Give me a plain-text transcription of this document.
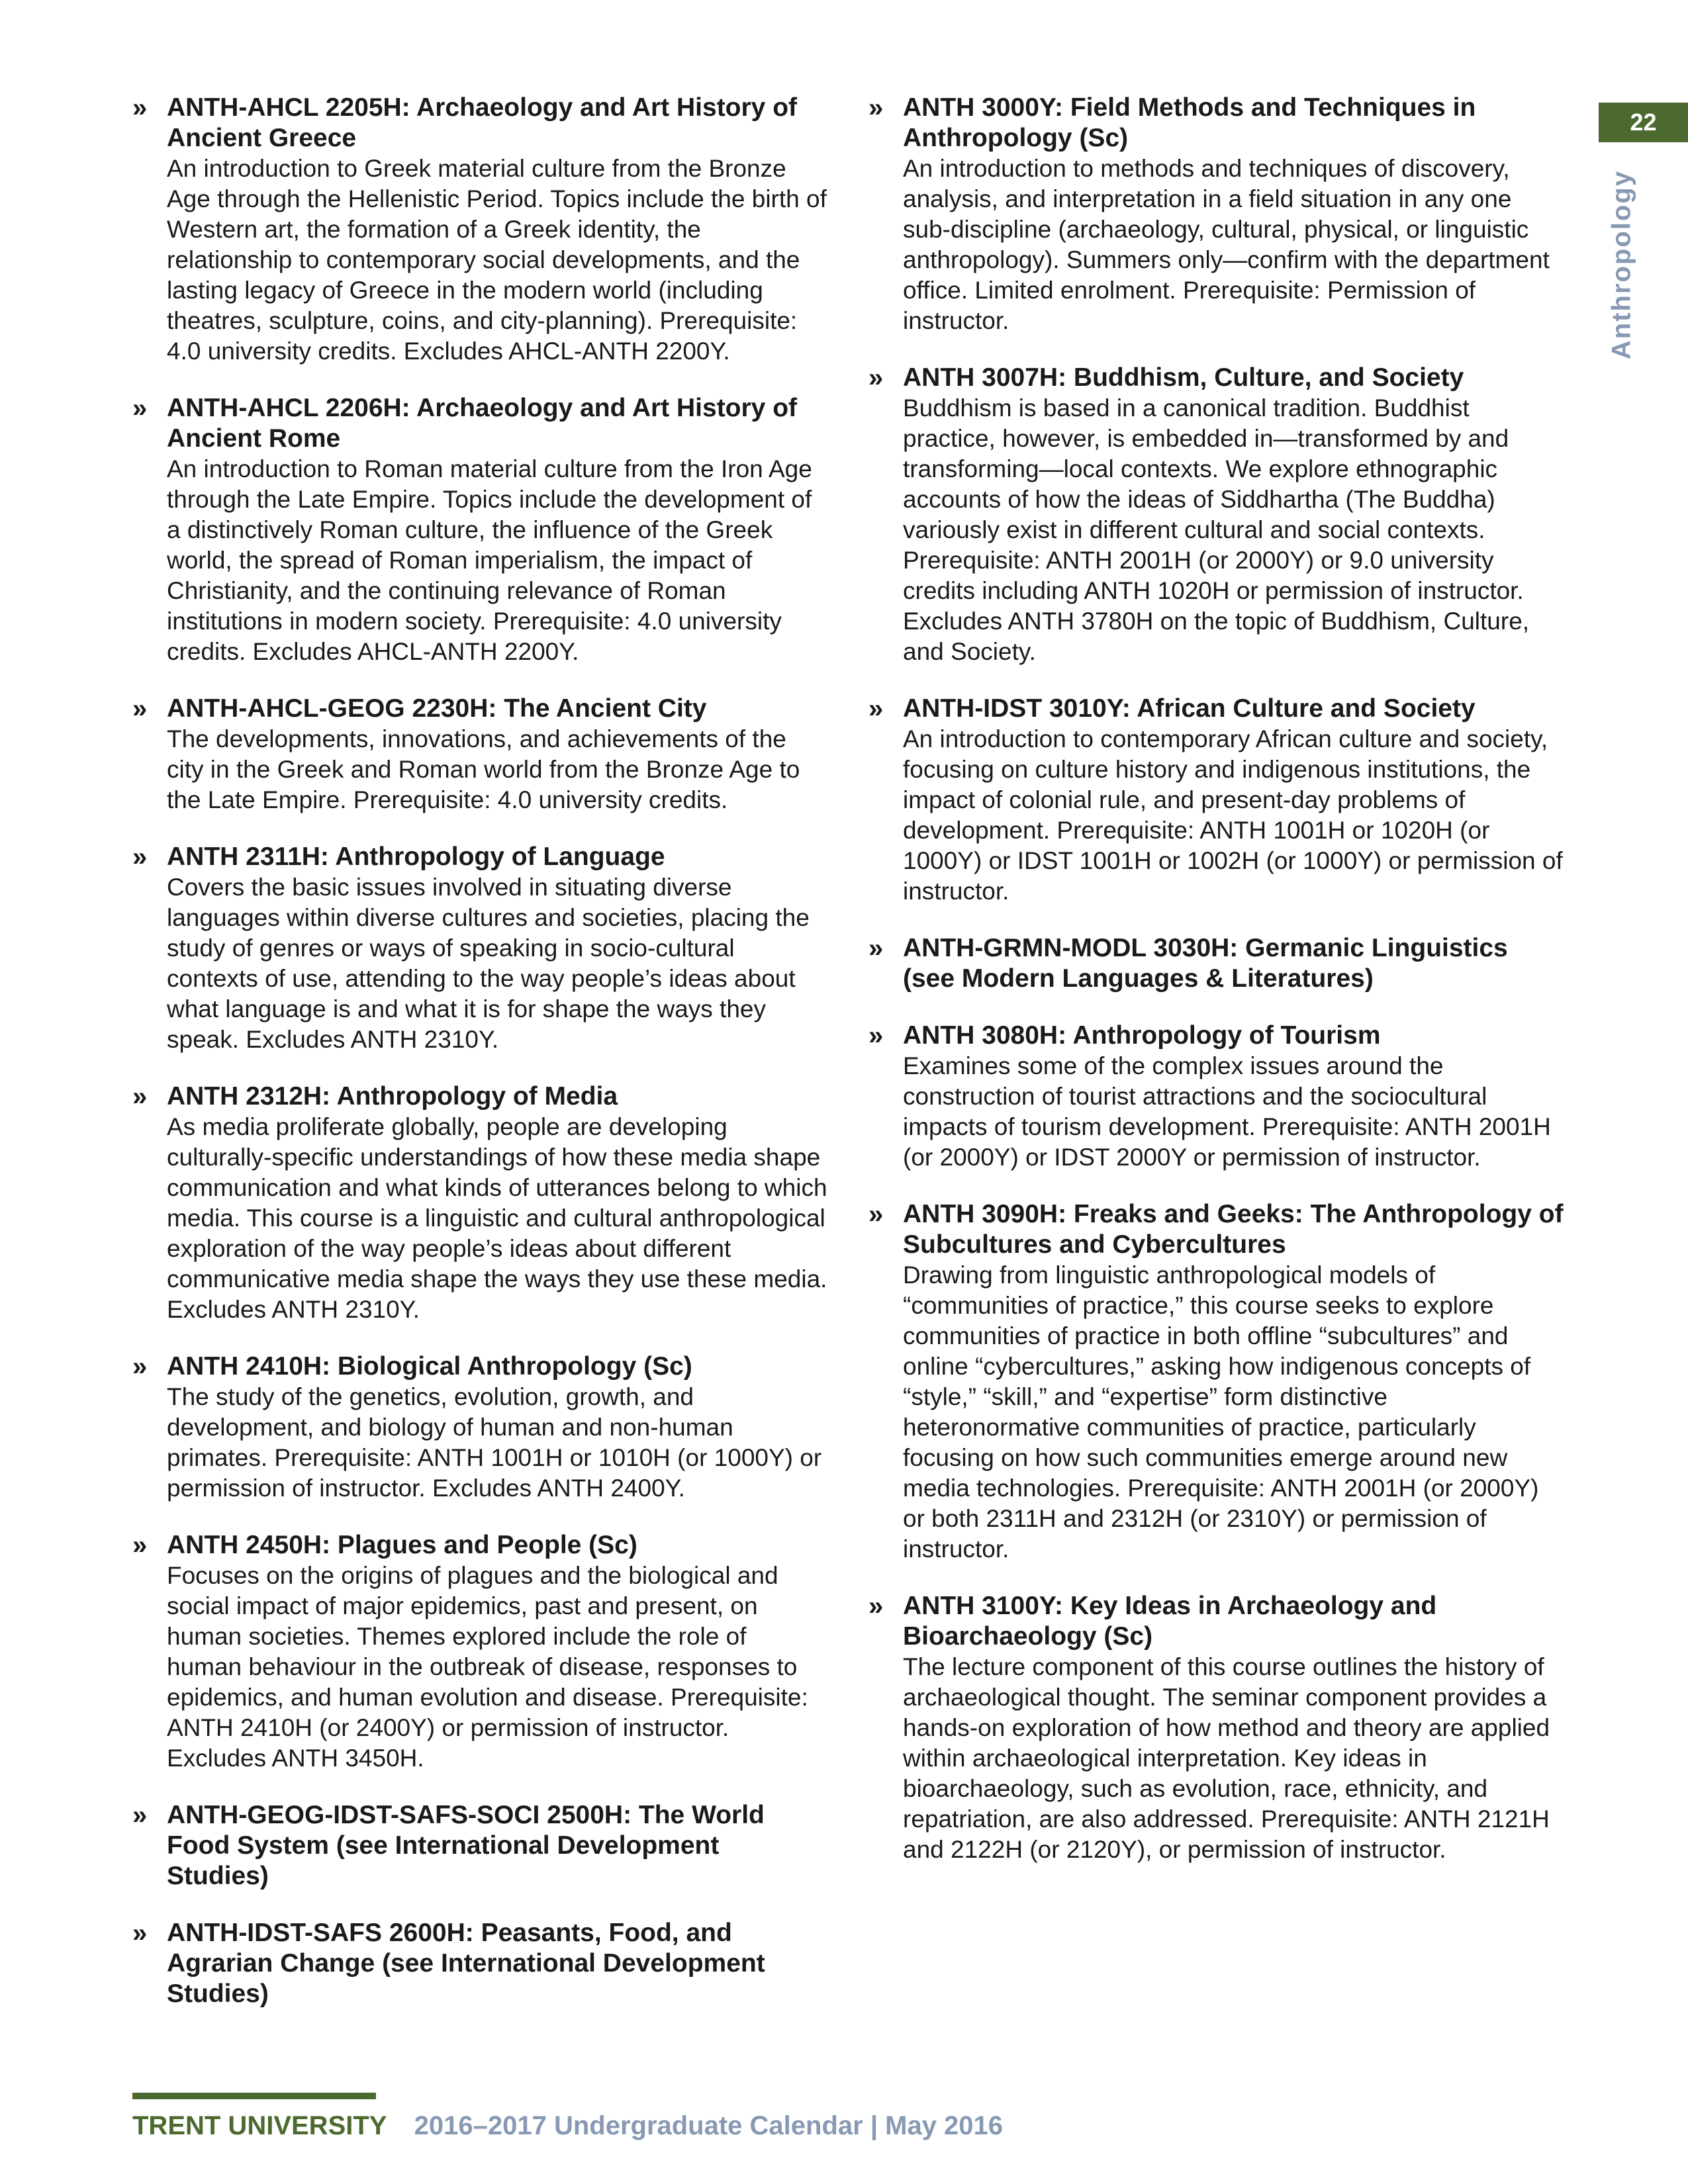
22
Anthropology
» ANTH-AHCL 2205H: Archaeology and Art History of Ancient Greece
An introduction to Greek material culture from the Bronze Age through the Hellenistic Period. Topics include the birth of Western art, the formation of a Greek identity, the relationship to contemporary social developments, and the lasting legacy of Greece in the modern world (including theatres, sculpture, coins, and city-planning). Prerequisite: 4.0 university credits. Excludes AHCL-ANTH 2200Y.
» ANTH-AHCL 2206H: Archaeology and Art History of Ancient Rome
An introduction to Roman material culture from the Iron Age through the Late Empire. Topics include the development of a distinctively Roman culture, the influence of the Greek world, the spread of Roman imperialism, the impact of Christianity, and the continuing relevance of Roman institutions in modern society. Prerequisite: 4.0 university credits. Excludes AHCL-ANTH 2200Y.
» ANTH-AHCL-GEOG 2230H: The Ancient City
The developments, innovations, and achievements of the city in the Greek and Roman world from the Bronze Age to the Late Empire. Prerequisite: 4.0 university credits.
» ANTH 2311H: Anthropology of Language
Covers the basic issues involved in situating diverse languages within diverse cultures and societies, placing the study of genres or ways of speaking in socio-cultural contexts of use, attending to the way people’s ideas about what language is and what it is for shape the ways they speak. Excludes ANTH 2310Y.
» ANTH 2312H: Anthropology of Media
As media proliferate globally, people are developing culturally-specific understandings of how these media shape communication and what kinds of utterances belong to which media. This course is a linguistic and cultural anthropological exploration of the way people’s ideas about different communicative media shape the ways they use these media. Excludes ANTH 2310Y.
» ANTH 2410H: Biological Anthropology (Sc)
The study of the genetics, evolution, growth, and development, and biology of human and non-human primates. Prerequisite: ANTH 1001H or 1010H (or 1000Y) or permission of instructor. Excludes ANTH 2400Y.
» ANTH 2450H: Plagues and People (Sc)
Focuses on the origins of plagues and the biological and social impact of major epidemics, past and present, on human societies. Themes explored include the role of human behaviour in the outbreak of disease, responses to epidemics, and human evolution and disease. Prerequisite: ANTH 2410H (or 2400Y) or permission of instructor. Excludes ANTH 3450H.
» ANTH-GEOG-IDST-SAFS-SOCI 2500H: The World Food System (see International Development Studies)
» ANTH-IDST-SAFS 2600H: Peasants, Food, and Agrarian Change (see International Development Studies)
» ANTH 3000Y: Field Methods and Techniques in Anthropology (Sc)
An introduction to methods and techniques of discovery, analysis, and interpretation in a field situation in any one sub-discipline (archaeology, cultural, physical, or linguistic anthropology). Summers only—confirm with the department office. Limited enrolment. Prerequisite: Permission of instructor.
» ANTH 3007H: Buddhism, Culture, and Society
Buddhism is based in a canonical tradition. Buddhist practice, however, is embedded in—transformed by and transforming—local contexts. We explore ethnographic accounts of how the ideas of Siddhartha (The Buddha) variously exist in different cultural and social contexts. Prerequisite: ANTH 2001H (or 2000Y) or 9.0 university credits including ANTH 1020H or permission of instructor. Excludes ANTH 3780H on the topic of Buddhism, Culture, and Society.
» ANTH-IDST 3010Y: African Culture and Society
An introduction to contemporary African culture and society, focusing on culture history and indigenous institutions, the impact of colonial rule, and present-day problems of development. Prerequisite: ANTH 1001H or 1020H (or 1000Y) or IDST 1001H or 1002H (or 1000Y) or permission of instructor.
» ANTH-GRMN-MODL 3030H: Germanic Linguistics (see Modern Languages & Literatures)
» ANTH 3080H: Anthropology of Tourism
Examines some of the complex issues around the construction of tourist attractions and the sociocultural impacts of tourism development. Prerequisite: ANTH 2001H (or 2000Y) or IDST 2000Y or permission of instructor.
» ANTH 3090H: Freaks and Geeks: The Anthropology of Subcultures and Cybercultures
Drawing from linguistic anthropological models of “communities of practice,” this course seeks to explore communities of practice in both offline “subcultures” and online “cybercultures,” asking how indigenous concepts of “style,” “skill,” and “expertise” form distinctive heteronormative communities of practice, particularly focusing on how such communities emerge around new media technologies. Prerequisite: ANTH 2001H (or 2000Y) or both 2311H and 2312H (or 2310Y) or permission of instructor.
» ANTH 3100Y: Key Ideas in Archaeology and Bioarchaeology (Sc)
The lecture component of this course outlines the history of archaeological thought. The seminar component provides a hands-on exploration of how method and theory are applied within archaeological interpretation. Key ideas in bioarchaeology, such as evolution, race, ethnicity, and repatriation, are also addressed. Prerequisite: ANTH 2121H and 2122H (or 2120Y), or permission of instructor.
TRENT UNIVERSITY 2016–2017 Undergraduate Calendar | May 2016
